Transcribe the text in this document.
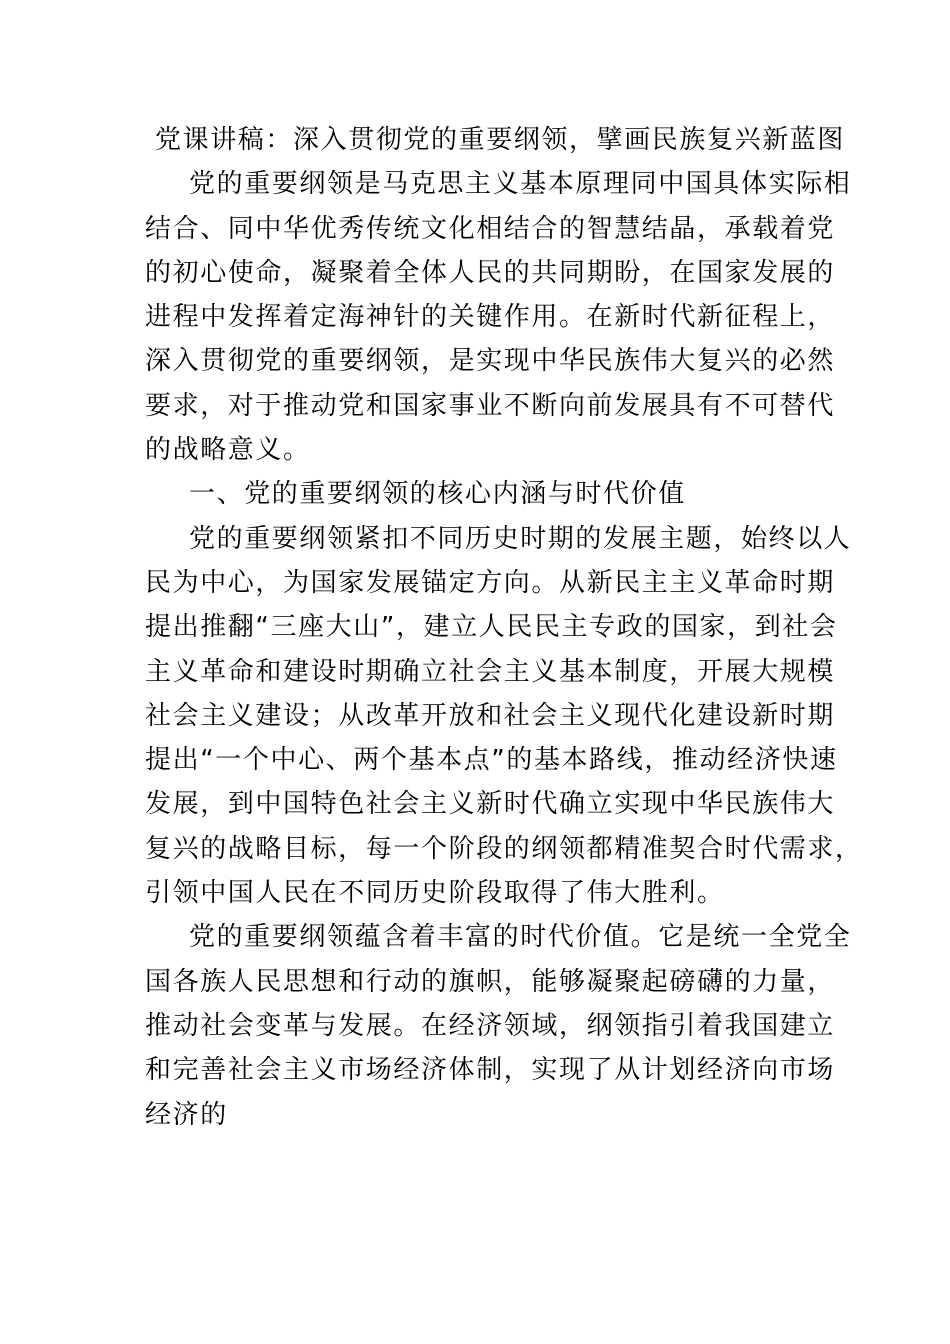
党课讲稿：深入贯彻党的重要纲领，擘画民族复兴新蓝图
党的重要纲领是马克思主义基本原理同中国具体实际相
结合、同中华优秀传统文化相结合的智慧结晶，承载着党
的初心使命，凝聚着全体人民的共同期盼，在国家发展的
进程中发挥着定海神针的关键作用。在新时代新征程上，
深入贯彻党的重要纲领，是实现中华民族伟大复兴的必然
要求，对于推动党和国家事业不断向前发展具有不可替代
的战略意义。
一、党的重要纲领的核心内涵与时代价值
党的重要纲领紧扣不同历史时期的发展主题，始终以人
民为中心，为国家发展锚定方向。从新民主主义革命时期
提出推翻“三座大山”，建立人民民主专政的国家，到社会
主义革命和建设时期确立社会主义基本制度，开展大规模
社会主义建设；从改革开放和社会主义现代化建设新时期
提出“一个中心、两个基本点”的基本路线，推动经济快速
发展，到中国特色社会主义新时代确立实现中华民族伟大
复兴的战略目标，每一个阶段的纲领都精准契合时代需求，
引领中国人民在不同历史阶段取得了伟大胜利。
党的重要纲领蕴含着丰富的时代价值。它是统一全党全
国各族人民思想和行动的旗帜，能够凝聚起磅礴的力量，
推动社会变革与发展。在经济领域，纲领指引着我国建立
和完善社会主义市场经济体制，实现了从计划经济向市场
经济的
